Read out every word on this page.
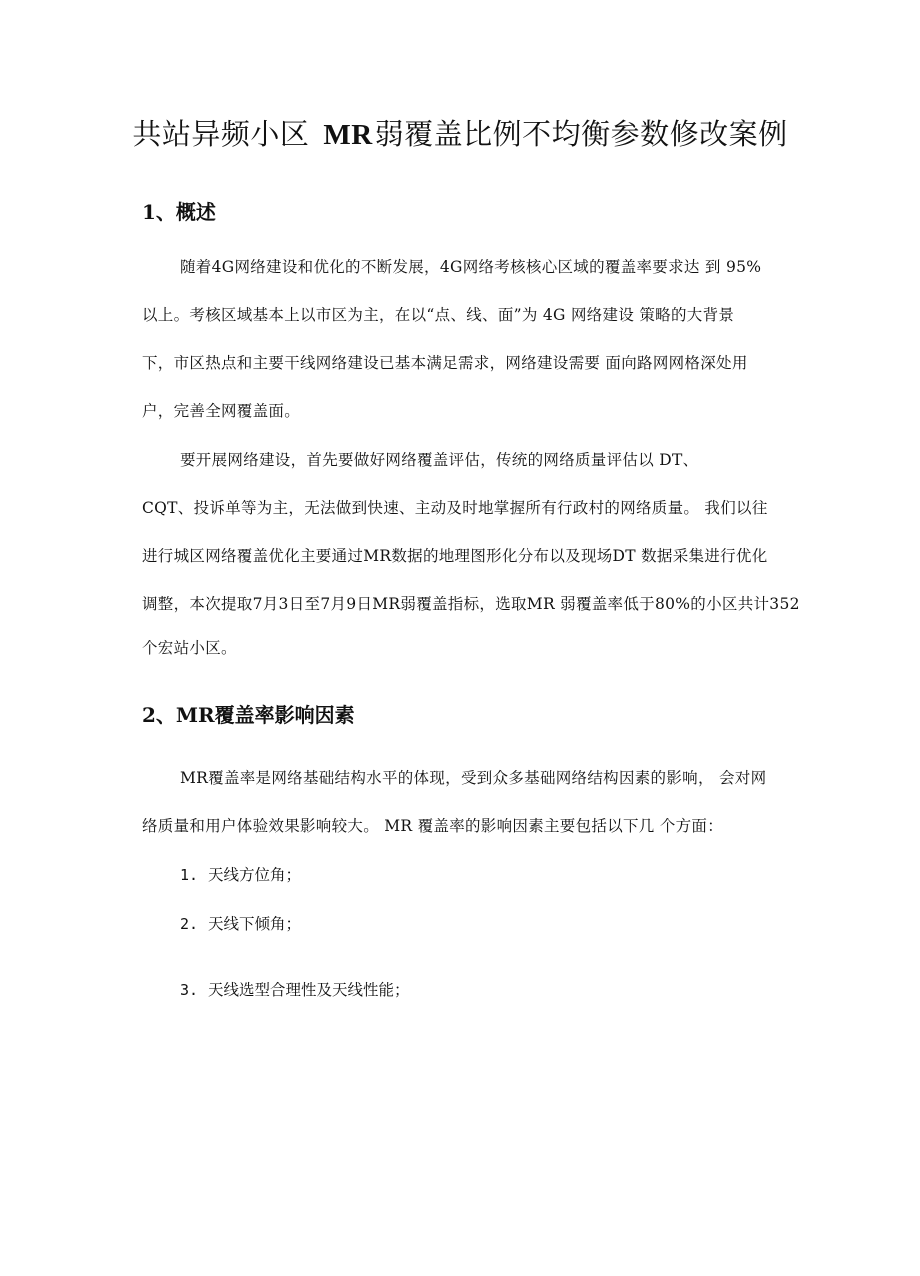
共站异频小区 MR弱覆盖比例不均衡参数修改案例
1、概述
随着4G网络建设和优化的不断发展，4G网络考核核心区域的覆盖率要求达 到 95%
以上。考核区域基本上以市区为主，在以“点、线、面”为 4G 网络建设 策略的大背景
下，市区热点和主要干线网络建设已基本满足需求，网络建设需要 面向路网网格深处用
户，完善全网覆盖面。
要开展网络建设，首先要做好网络覆盖评估，传统的网络质量评估以 DT、
CQT、投诉单等为主，无法做到快速、主动及时地掌握所有行政村的网络质量。 我们以往
进行城区网络覆盖优化主要通过MR数据的地理图形化分布以及现场DT 数据采集进行优化
调整，本次提取7月3日至7月9日MR弱覆盖指标，选取MR 弱覆盖率低于80%的小区共计352
个宏站小区。
2、MR覆盖率影响因素
MR覆盖率是网络基础结构水平的体现，受到众多基础网络结构因素的影响， 会对网
络质量和用户体验效果影响较大。 MR 覆盖率的影响因素主要包括以下几 个方面：
1. 天线方位角；
2. 天线下倾角；
3. 天线选型合理性及天线性能；
